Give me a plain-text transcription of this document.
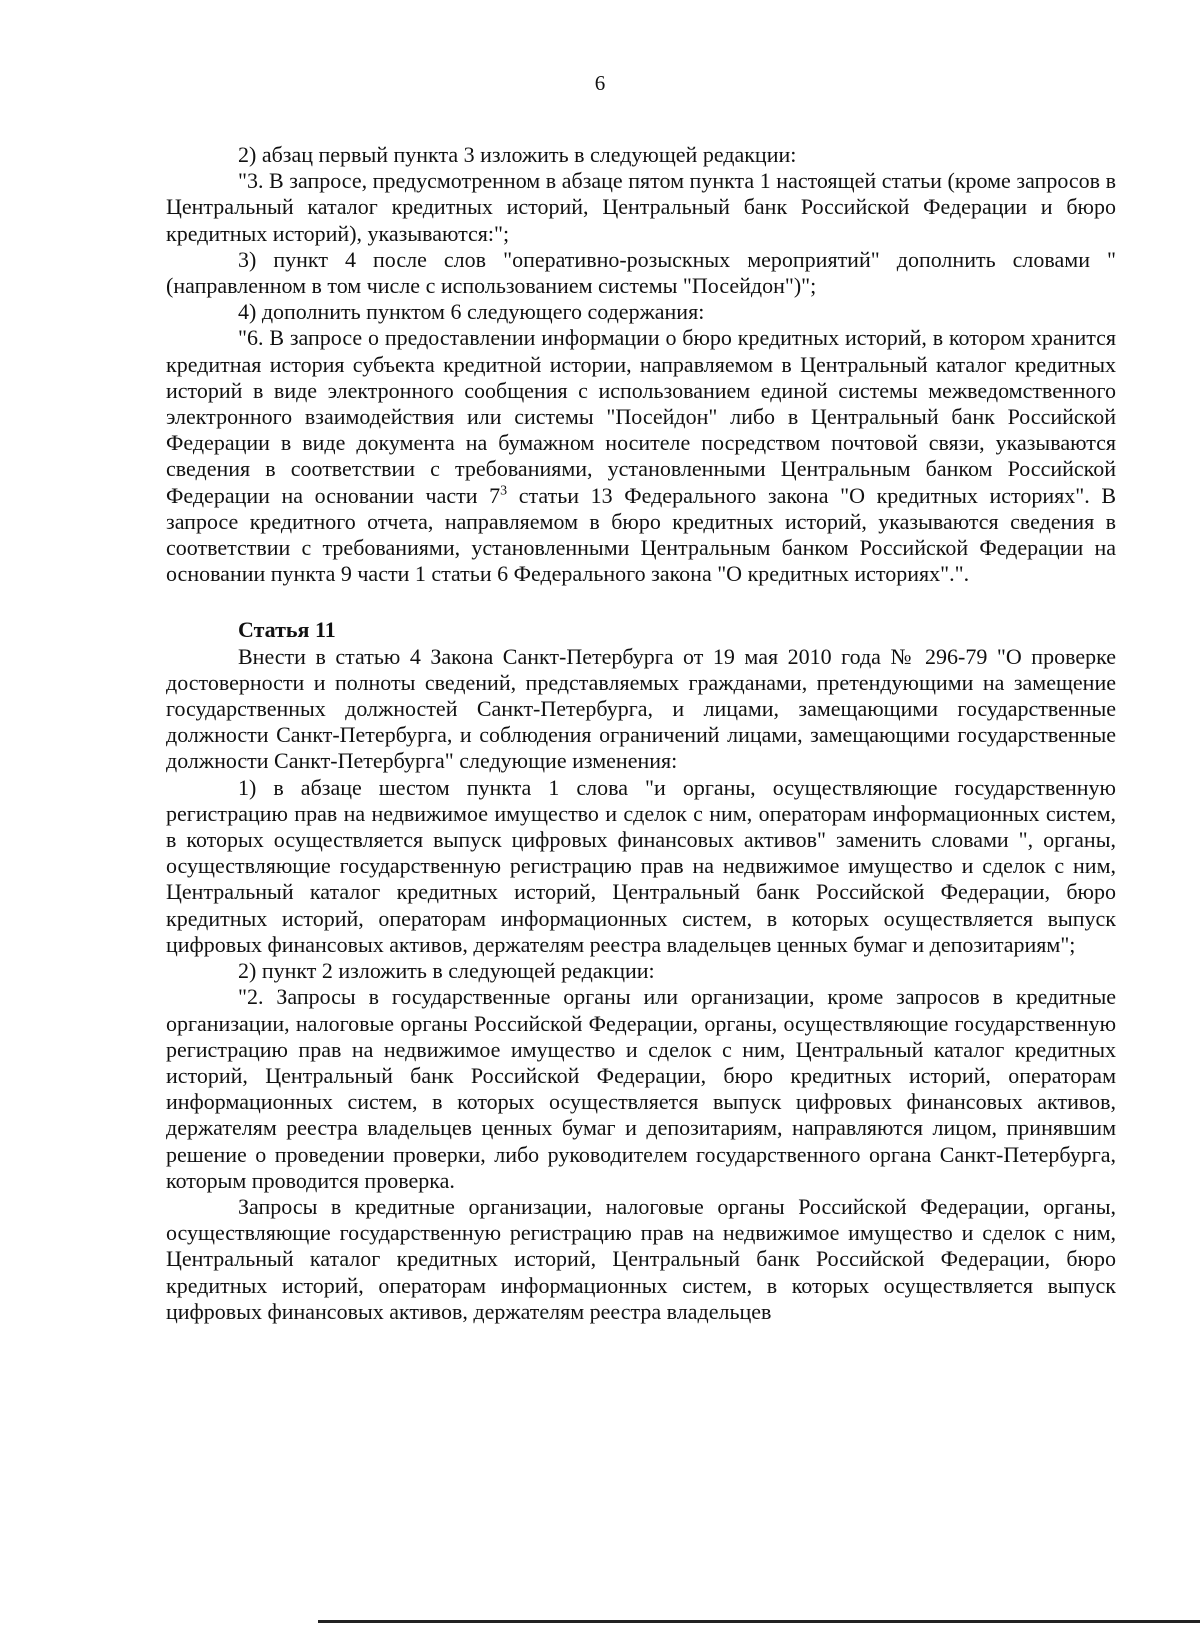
6

2) абзац первый пункта 3 изложить в следующей редакции:

"3. В запросе, предусмотренном в абзаце пятом пункта 1 настоящей статьи (кроме запросов в Центральный каталог кредитных историй, Центральный банк Российской Федерации и бюро кредитных историй), указываются:";

3) пункт 4 после слов "оперативно-розыскных мероприятий" дополнить словами "(направленном в том числе с использованием системы "Посейдон")";

4) дополнить пунктом 6 следующего содержания:

"6. В запросе о предоставлении информации о бюро кредитных историй, в котором хранится кредитная история субъекта кредитной истории, направляемом в Центральный каталог кредитных историй в виде электронного сообщения с использованием единой системы межведомственного электронного взаимодействия или системы "Посейдон" либо в Центральный банк Российской Федерации в виде документа на бумажном носителе посредством почтовой связи, указываются сведения в соответствии с требованиями, установленными Центральным банком Российской Федерации на основании части $7^3$ статьи 13 Федерального закона "О кредитных историях". В запросе кредитного отчета, направляемом в бюро кредитных историй, указываются сведения в соответствии с требованиями, установленными Центральным банком Российской Федерации на основании пункта 9 части 1 статьи 6 Федерального закона "О кредитных историях".".

Статья 11

Внести в статью 4 Закона Санкт-Петербурга от 19 мая 2010 года № 296-79 "О проверке достоверности и полноты сведений, представляемых гражданами, претендующими на замещение государственных должностей Санкт-Петербурга, и лицами, замещающими государственные должности Санкт-Петербурга, и соблюдения ограничений лицами, замещающими государственные должности Санкт-Петербурга" следующие изменения:

1) в абзаце шестом пункта 1 слова "и органы, осуществляющие государственную регистрацию прав на недвижимое имущество и сделок с ним, операторам информационных систем, в которых осуществляется выпуск цифровых финансовых активов" заменить словами ", органы, осуществляющие государственную регистрацию прав на недвижимое имущество и сделок с ним, Центральный каталог кредитных историй, Центральный банк Российской Федерации, бюро кредитных историй, операторам информационных систем, в которых осуществляется выпуск цифровых финансовых активов, держателям реестра владельцев ценных бумаг и депозитариям";

2) пункт 2 изложить в следующей редакции:

"2. Запросы в государственные органы или организации, кроме запросов в кредитные организации, налоговые органы Российской Федерации, органы, осуществляющие государственную регистрацию прав на недвижимое имущество и сделок с ним, Центральный каталог кредитных историй, Центральный банк Российской Федерации, бюро кредитных историй, операторам информационных систем, в которых осуществляется выпуск цифровых финансовых активов, держателям реестра владельцев ценных бумаг и депозитариям, направляются лицом, принявшим решение о проведении проверки, либо руководителем государственного органа Санкт-Петербурга, которым проводится проверка.

Запросы в кредитные организации, налоговые органы Российской Федерации, органы, осуществляющие государственную регистрацию прав на недвижимое имущество и сделок с ним, Центральный каталог кредитных историй, Центральный банк Российской Федерации, бюро кредитных историй, операторам информационных систем, в которых осуществляется выпуск цифровых финансовых активов, держателям реестра владельцев
